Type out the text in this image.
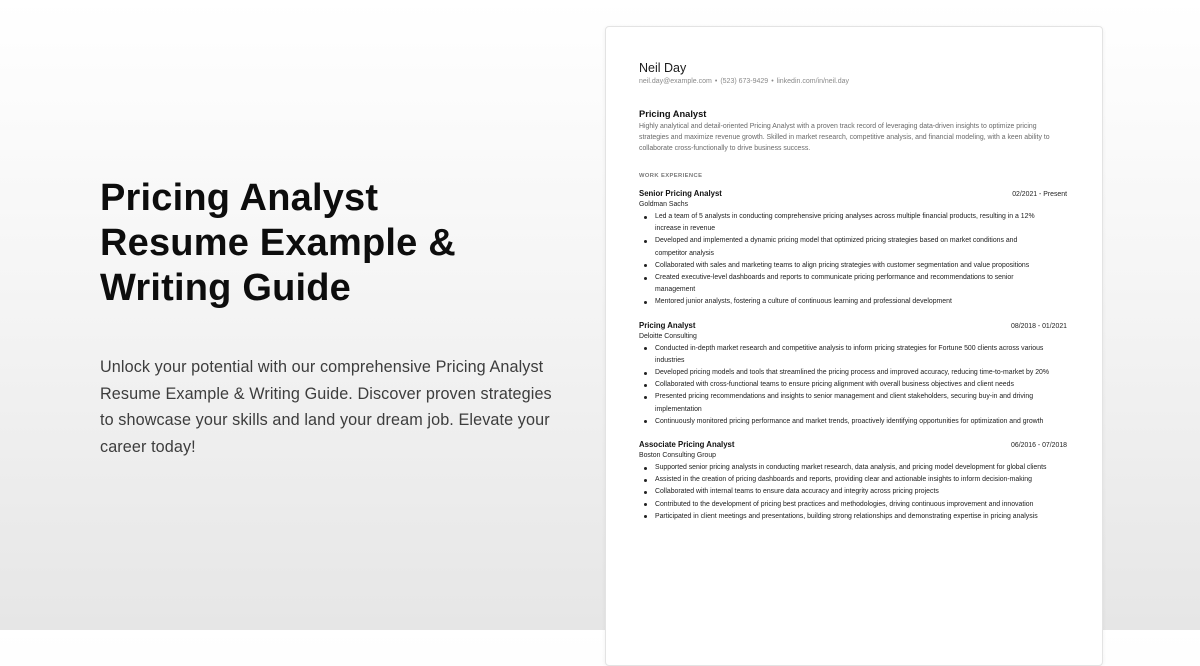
Pricing Analyst
Resume Example &
Writing Guide

Unlock your potential with our comprehensive Pricing Analyst Resume Example & Writing Guide. Discover proven strategies to showcase your skills and land your dream job. Elevate your career today!

Neil Day
neil.day@example.com • (523) 673-9429 • linkedin.com/in/neil.day
Pricing Analyst
Highly analytical and detail-oriented Pricing Analyst with a proven track record of leveraging data-driven insights to optimize pricing strategies and maximize revenue growth. Skilled in market research, competitive analysis, and financial modeling, with a keen ability to collaborate cross-functionally to drive business success.
WORK EXPERIENCE
Senior Pricing Analyst	02/2021 - Present
Goldman Sachs
Led a team of 5 analysts in conducting comprehensive pricing analyses across multiple financial products, resulting in a 12% increase in revenue
Developed and implemented a dynamic pricing model that optimized pricing strategies based on market conditions and competitor analysis
Collaborated with sales and marketing teams to align pricing strategies with customer segmentation and value propositions
Created executive-level dashboards and reports to communicate pricing performance and recommendations to senior management
Mentored junior analysts, fostering a culture of continuous learning and professional development
Pricing Analyst	08/2018 - 01/2021
Deloitte Consulting
Conducted in-depth market research and competitive analysis to inform pricing strategies for Fortune 500 clients across various industries
Developed pricing models and tools that streamlined the pricing process and improved accuracy, reducing time-to-market by 20%
Collaborated with cross-functional teams to ensure pricing alignment with overall business objectives and client needs
Presented pricing recommendations and insights to senior management and client stakeholders, securing buy-in and driving implementation
Continuously monitored pricing performance and market trends, proactively identifying opportunities for optimization and growth
Associate Pricing Analyst	06/2016 - 07/2018
Boston Consulting Group
Supported senior pricing analysts in conducting market research, data analysis, and pricing model development for global clients
Assisted in the creation of pricing dashboards and reports, providing clear and actionable insights to inform decision-making
Collaborated with internal teams to ensure data accuracy and integrity across pricing projects
Contributed to the development of pricing best practices and methodologies, driving continuous improvement and innovation
Participated in client meetings and presentations, building strong relationships and demonstrating expertise in pricing analysis
